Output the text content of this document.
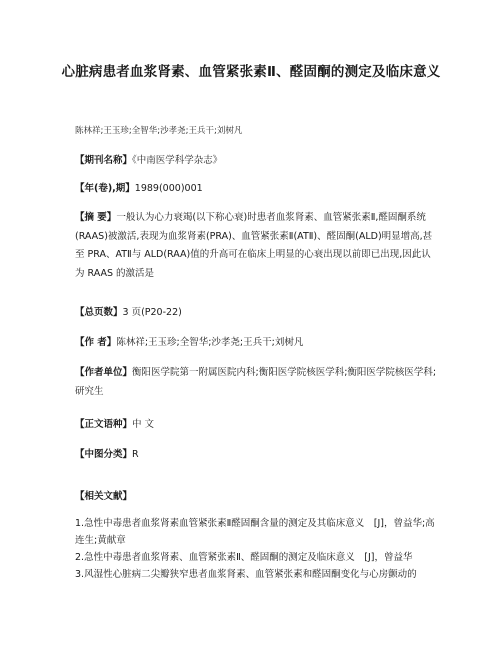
心脏病患者血浆肾素、血管紧张素Ⅱ、醛固酮的测定及临床意义
陈林祥;王玉珍;全智华;沙孝尧;王兵干;刘树凡
【期刊名称】《中南医学科学杂志》
【年(卷),期】1989(000)001
【摘 要】一般认为心力衰竭(以下称心衰)时患者血浆肾素、血管紧张素Ⅱ,醛固酮系统(RAAS)被激活,表现为血浆肾素(PRA)、血管紧张素Ⅱ(ATⅡ)、醛固酮(ALD)明显增高,甚至 PRA、ATⅡ与 ALD(RAA)值的升高可在临床上明显的心衰出现以前即已出现,因此认为 RAAS 的激活是
【总页数】3 页(P20-22)
【作 者】陈林祥;王玉珍;全智华;沙孝尧;王兵干;刘树凡
【作者单位】衡阳医学院第一附属医院内科;衡阳医学院核医学科;衡阳医学院核医学科;研究生
【正文语种】中 文
【中图分类】R
【相关文献】
1.急性中毒患者血浆肾素血管紧张素Ⅱ醛固酮含量的测定及其临床意义　[J]，曾益华;高连生;黄献章
2.急性中毒患者血浆肾素、血管紧张素Ⅱ、醛固酮的测定及临床意义　[J]，曾益华
3.风湿性心脏病二尖瓣狭窄患者血浆肾素、血管紧张素和醛固酮变化与心房颤动的
